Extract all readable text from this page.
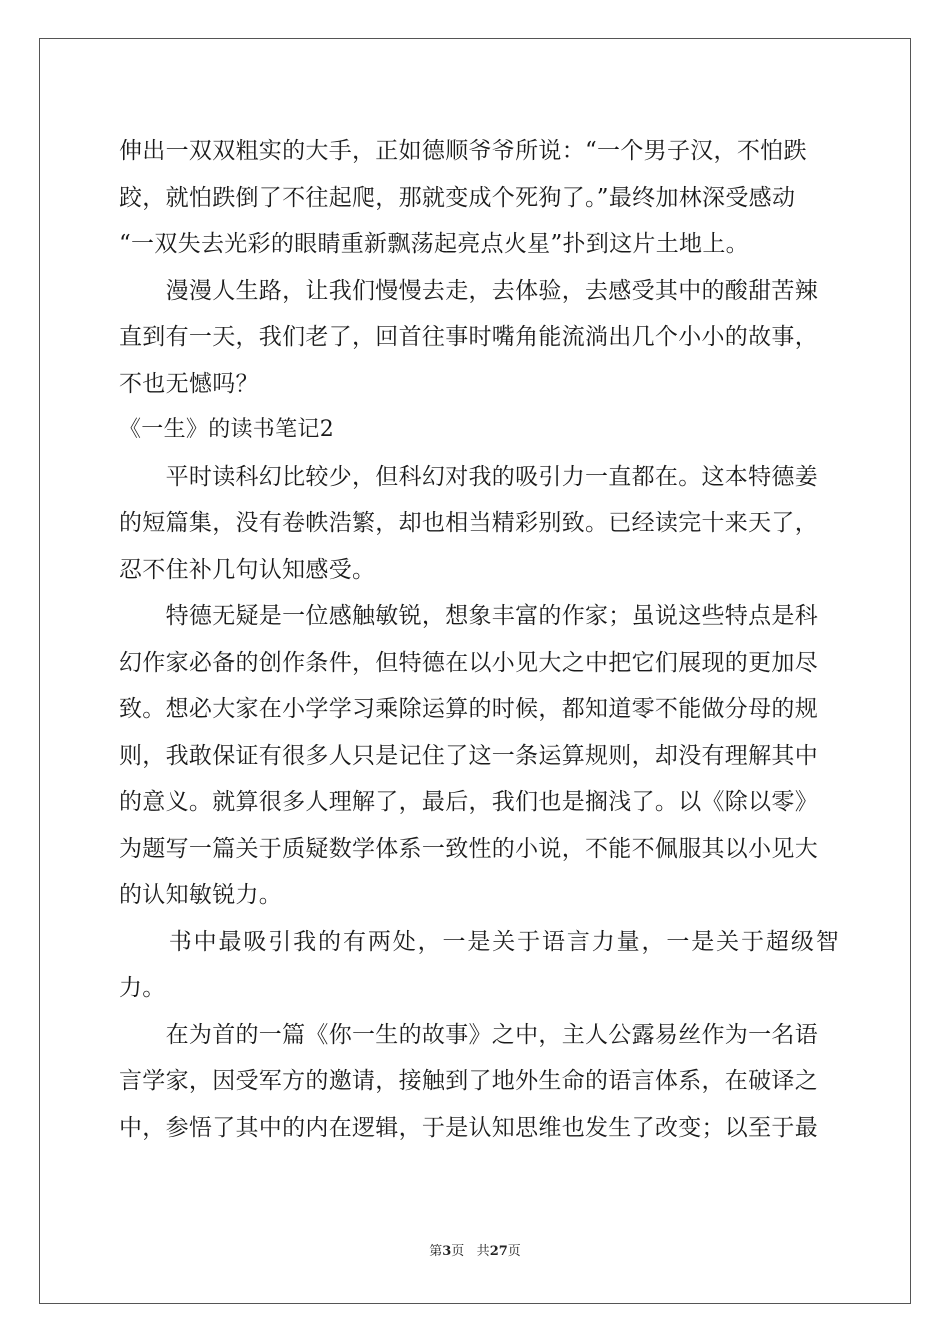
伸出一双双粗实的大手，正如德顺爷爷所说：“一个男子汉，不怕跌

跤，就怕跌倒了不往起爬，那就变成个死狗了。”最终加林深受感动

“一双失去光彩的眼睛重新飘荡起亮点火星”扑到这片土地上。

　　漫漫人生路，让我们慢慢去走，去体验，去感受其中的酸甜苦辣

直到有一天，我们老了，回首往事时嘴角能流淌出几个小小的故事，

不也无憾吗？

《一生》的读书笔记2

　　平时读科幻比较少，但科幻对我的吸引力一直都在。这本特德姜

的短篇集，没有卷帙浩繁，却也相当精彩别致。已经读完十来天了，

忍不住补几句认知感受。

　　特德无疑是一位感触敏锐，想象丰富的作家；虽说这些特点是科

幻作家必备的创作条件，但特德在以小见大之中把它们展现的更加尽

致。想必大家在小学学习乘除运算的时候，都知道零不能做分母的规

则，我敢保证有很多人只是记住了这一条运算规则，却没有理解其中

的意义。就算很多人理解了，最后，我们也是搁浅了。以《除以零》

为题写一篇关于质疑数学体系一致性的小说，不能不佩服其以小见大

的认知敏锐力。

　　书中最吸引我的有两处，一是关于语言力量，一是关于超级智力。

　　在为首的一篇《你一生的故事》之中，主人公露易丝作为一名语

言学家，因受军方的邀请，接触到了地外生命的语言体系，在破译之

中，参悟了其中的内在逻辑，于是认知思维也发生了改变；以至于最

第3页 共27页
